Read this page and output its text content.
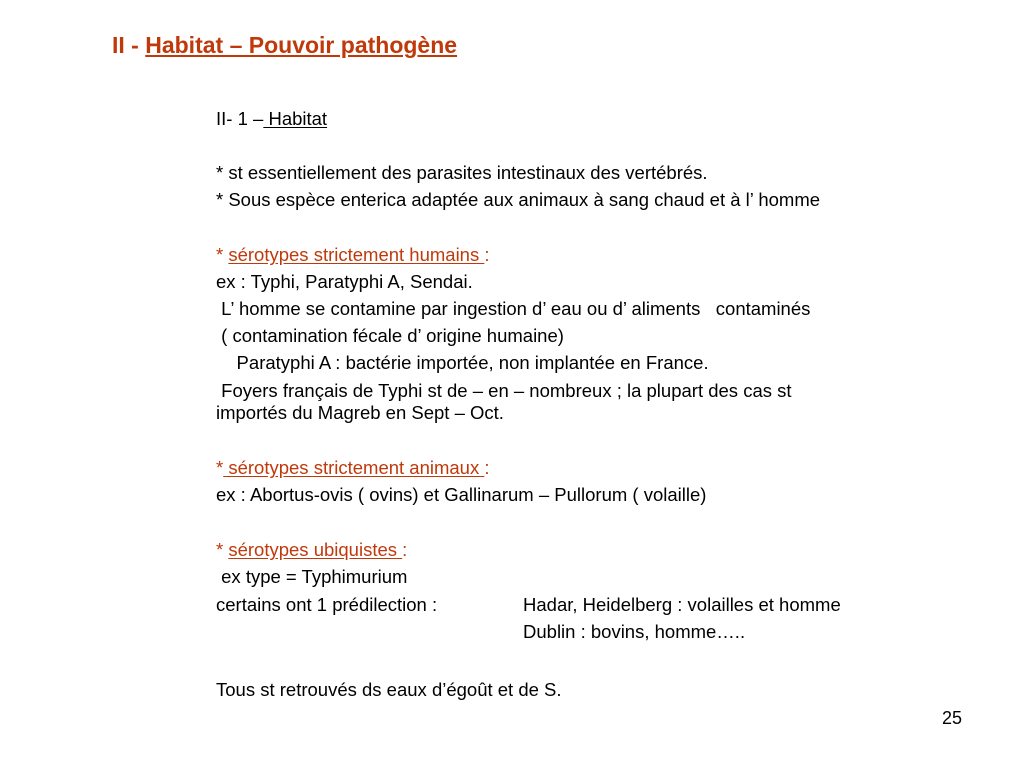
II - Habitat – Pouvoir pathogène
II- 1 – Habitat
* st essentiellement des parasites intestinaux des vertébrés.
* Sous espèce enterica adaptée aux animaux à sang chaud et à l’ homme
* sérotypes strictement humains :
ex : Typhi, Paratyphi A, Sendai.
L’ homme se contamine par ingestion d’ eau ou d’ aliments   contaminés
( contamination fécale d’ origine humaine)
Paratyphi A : bactérie importée, non implantée en France.
Foyers français de Typhi st de – en – nombreux ; la plupart des cas st
importés du Magreb en Sept – Oct.
* sérotypes strictement animaux :
ex : Abortus-ovis ( ovins) et Gallinarum – Pullorum ( volaille)
* sérotypes ubiquistes :
ex type = Typhimurium
certains ont 1 prédilection :	Hadar, Heidelberg : volailles et homme
Dublin : bovins, homme…..
Tous st retrouvés ds eaux d’égoût et de S.
25
